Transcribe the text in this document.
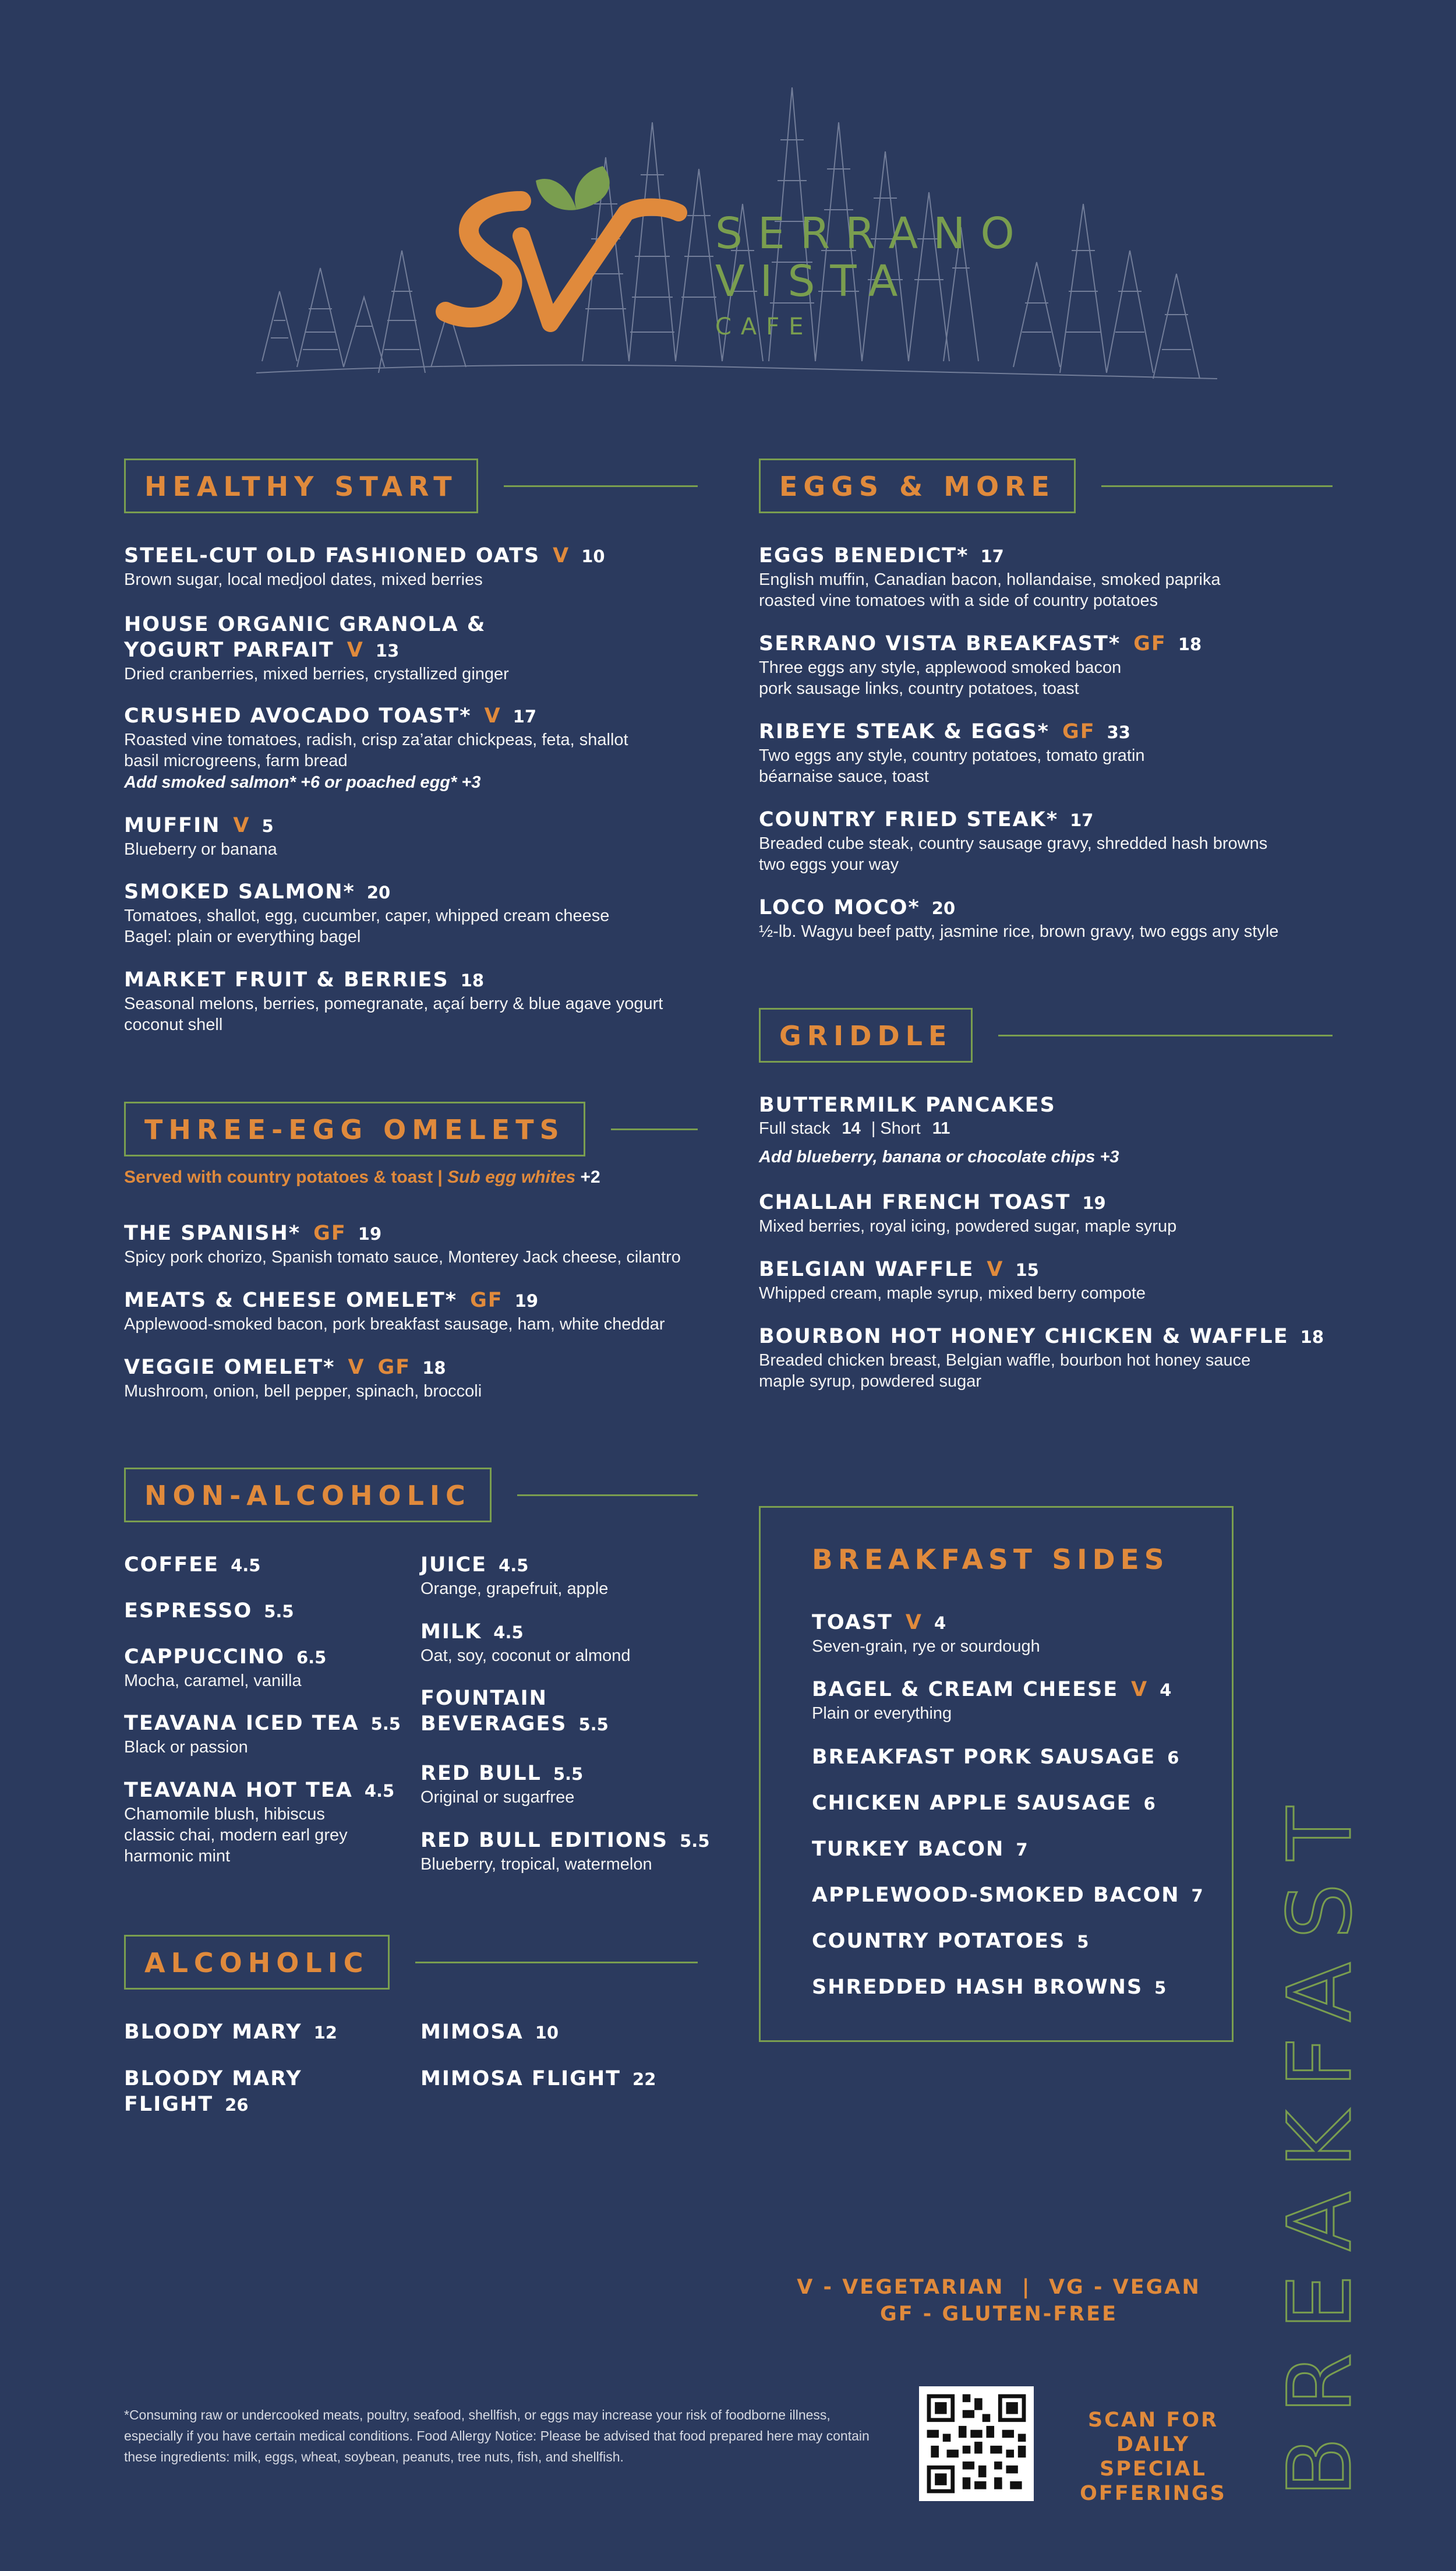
SERRANO
VISTA
CAFE
HEALTHY START
STEEL-CUT OLD FASHIONED OATS V 10
Brown sugar, local medjool dates, mixed berries
HOUSE ORGANIC GRANOLA &
YOGURT PARFAIT V 13
Dried cranberries, mixed berries, crystallized ginger
CRUSHED AVOCADO TOAST* V 17
Roasted vine tomatoes, radish, crisp za’atar chickpeas, feta, shallot
basil microgreens, farm bread
Add smoked salmon* +6 or poached egg* +3
MUFFIN V 5
Blueberry or banana
SMOKED SALMON* 20
Tomatoes, shallot, egg, cucumber, caper, whipped cream cheese
Bagel: plain or everything bagel
MARKET FRUIT & BERRIES 18
Seasonal melons, berries, pomegranate, açaí berry & blue agave yogurt
coconut shell
THREE-EGG OMELETS
Served with country potatoes & toast | Sub egg whites +2
THE SPANISH* GF 19
Spicy pork chorizo, Spanish tomato sauce, Monterey Jack cheese, cilantro
MEATS & CHEESE OMELET* GF 19
Applewood-smoked bacon, pork breakfast sausage, ham, white cheddar
VEGGIE OMELET* V GF 18
Mushroom, onion, bell pepper, spinach, broccoli
EGGS & MORE
EGGS BENEDICT* 17
English muffin, Canadian bacon, hollandaise, smoked paprika
roasted vine tomatoes with a side of country potatoes
SERRANO VISTA BREAKFAST* GF 18
Three eggs any style, applewood smoked bacon
pork sausage links, country potatoes, toast
RIBEYE STEAK & EGGS* GF 33
Two eggs any style, country potatoes, tomato gratin
béarnaise sauce, toast
COUNTRY FRIED STEAK* 17
Breaded cube steak, country sausage gravy, shredded hash browns
two eggs your way
LOCO MOCO* 20
½-lb. Wagyu beef patty, jasmine rice, brown gravy, two eggs any style
GRIDDLE
BUTTERMILK PANCAKES
Full stack 14 | Short 11
Add blueberry, banana or chocolate chips +3
CHALLAH FRENCH TOAST 19
Mixed berries, royal icing, powdered sugar, maple syrup
BELGIAN WAFFLE V 15
Whipped cream, maple syrup, mixed berry compote
BOURBON HOT HONEY CHICKEN & WAFFLE 18
Breaded chicken breast, Belgian waffle, bourbon hot honey sauce
maple syrup, powdered sugar
NON-ALCOHOLIC
COFFEE 4.5
ESPRESSO 5.5
CAPPUCCINO 6.5
Mocha, caramel, vanilla
TEAVANA ICED TEA 5.5
Black or passion
TEAVANA HOT TEA 4.5
Chamomile blush, hibiscus
classic chai, modern earl grey
harmonic mint
JUICE 4.5
Orange, grapefruit, apple
MILK 4.5
Oat, soy, coconut or almond
FOUNTAIN
BEVERAGES 5.5
RED BULL 5.5
Original or sugarfree
RED BULL EDITIONS 5.5
Blueberry, tropical, watermelon
ALCOHOLIC
BLOODY MARY 12	MIMOSA 10
BLOODY MARY
FLIGHT 26
MIMOSA FLIGHT 22
BREAKFAST SIDES
TOAST V 4
Seven-grain, rye or sourdough
BAGEL & CREAM CHEESE V 4
Plain or everything
BREAKFAST PORK SAUSAGE 6
CHICKEN APPLE SAUSAGE 6
TURKEY BACON 7
APPLEWOOD-SMOKED BACON 7
COUNTRY POTATOES 5
SHREDDED HASH BROWNS 5 BREAKFAST
V - VEGETARIAN  |  VG - VEGAN
GF - GLUTEN-FREE
*Consuming raw or undercooked meats, poultry, seafood, shellfish, or eggs may increase your risk of foodborne illness, especially if you have certain medical conditions. Food Allergy Notice: Please be advised that food prepared here may contain these ingredients: milk, eggs, wheat, soybean, peanuts, tree nuts, fish, and shellfish.
SCAN FOR
DAILY SPECIAL
OFFERINGS
